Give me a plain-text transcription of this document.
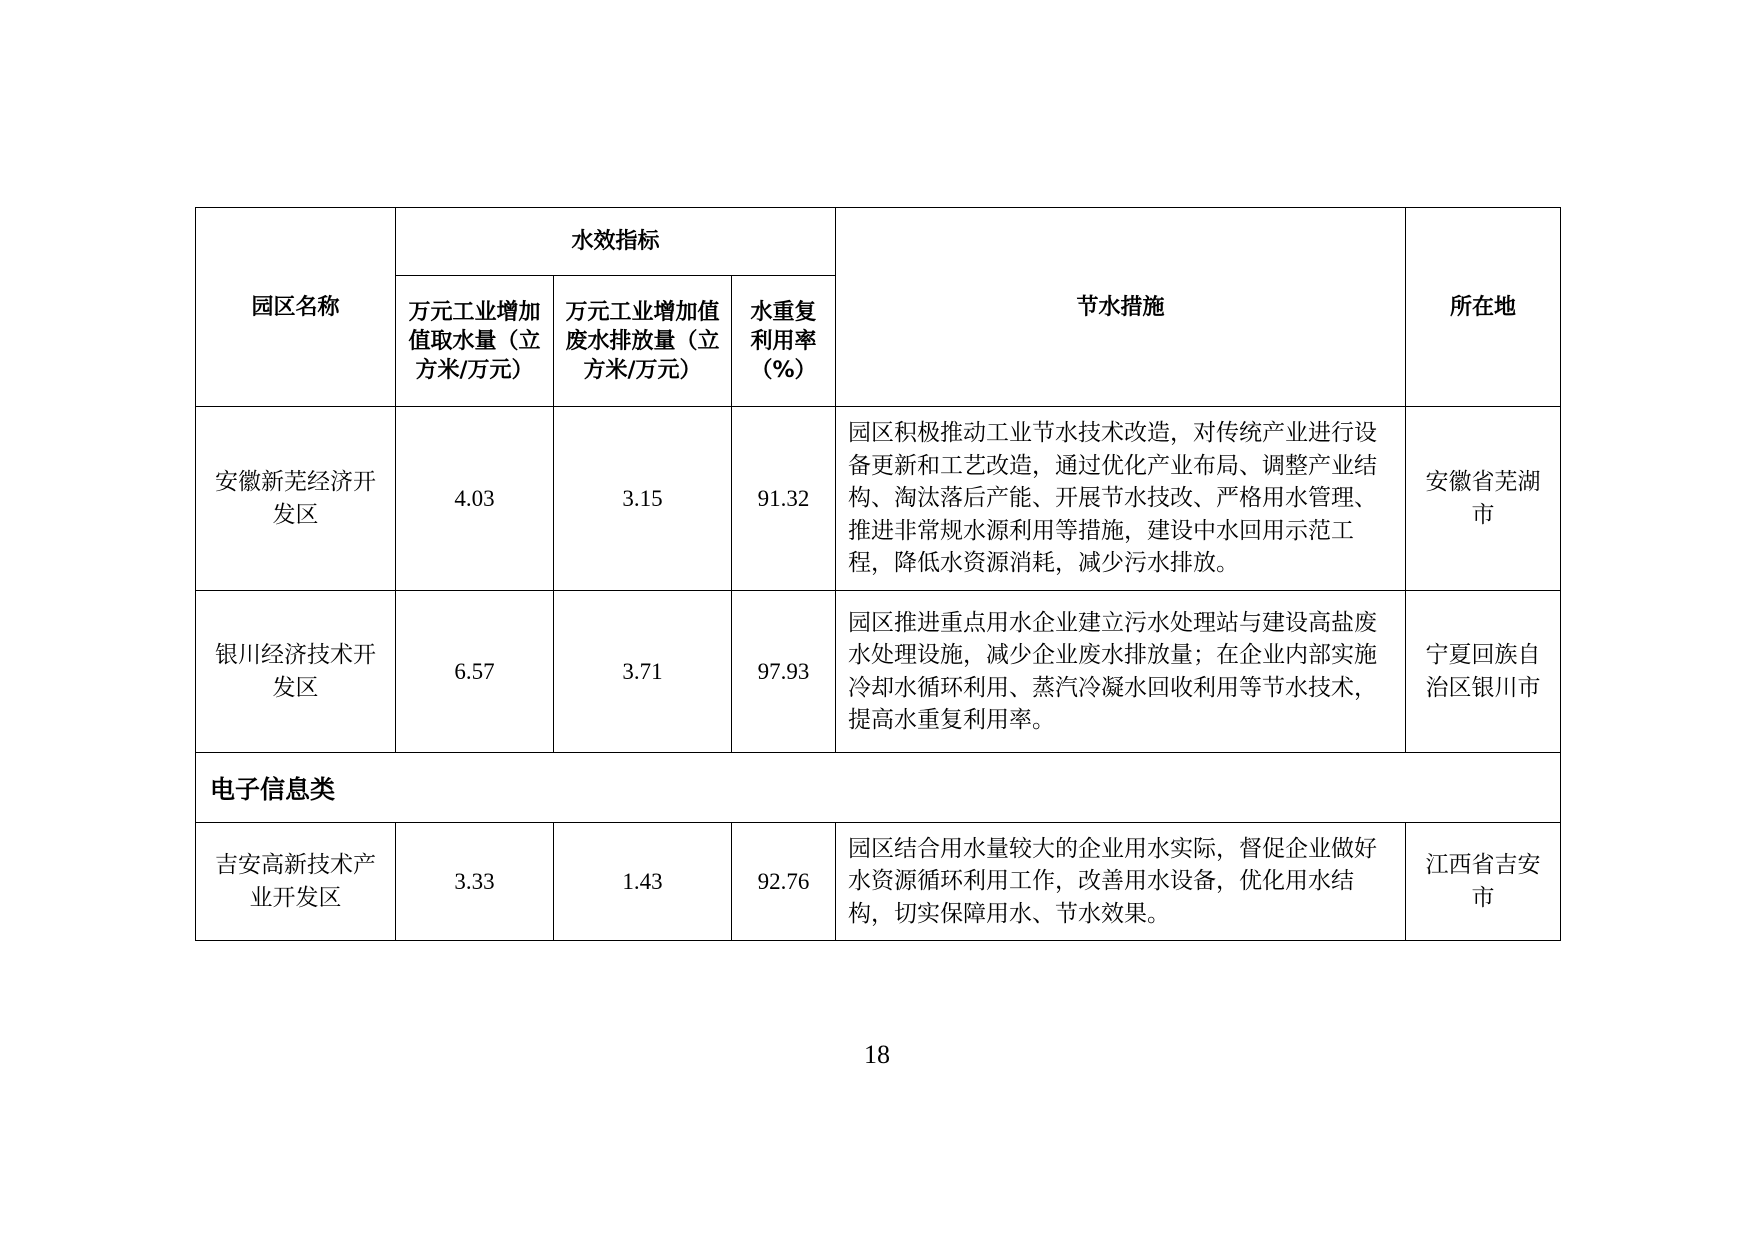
园区名称	水效指标			节水措施	所在地
	万元工业增加值取水量（立方米/万元）	万元工业增加值废水排放量（立方米/万元）	水重复利用率（%）		
安徽新芜经济开发区	4.03	3.15	91.32	园区积极推动工业节水技术改造，对传统产业进行设备更新和工艺改造，通过优化产业布局、调整产业结构、淘汰落后产能、开展节水技改、严格用水管理、推进非常规水源利用等措施，建设中水回用示范工程，降低水资源消耗，减少污水排放。	安徽省芜湖市
银川经济技术开发区	6.57	3.71	97.93	园区推进重点用水企业建立污水处理站与建设高盐废水处理设施，减少企业废水排放量；在企业内部实施冷却水循环利用、蒸汽冷凝水回收利用等节水技术，提高水重复利用率。	宁夏回族自治区银川市
电子信息类					
吉安高新技术产业开发区	3.33	1.43	92.76	园区结合用水量较大的企业用水实际，督促企业做好水资源循环利用工作，改善用水设备，优化用水结构，切实保障用水、节水效果。	江西省吉安市
18
